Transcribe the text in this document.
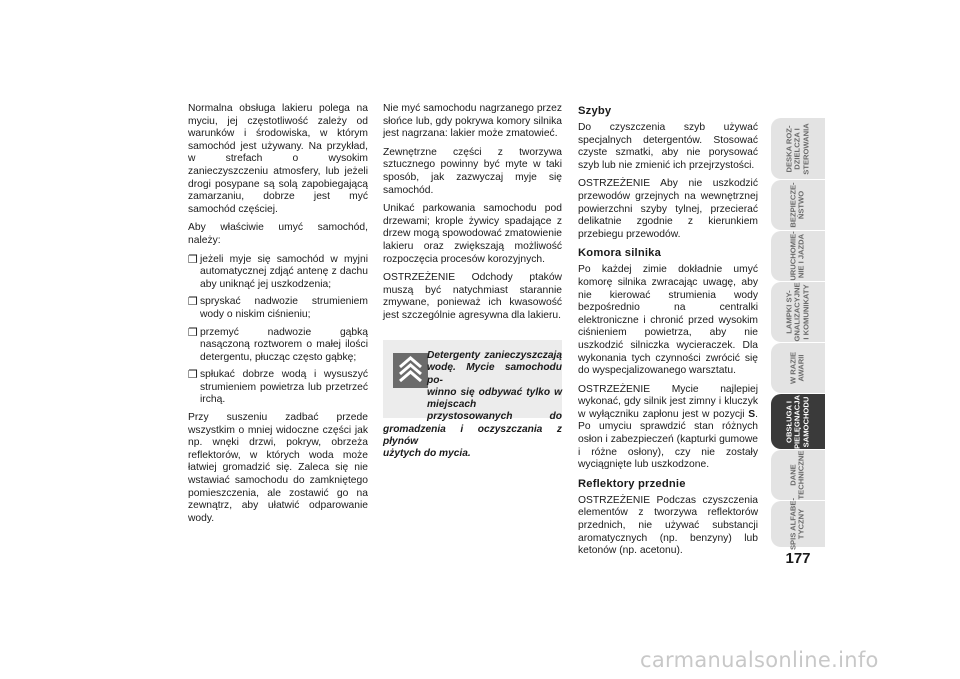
Normalna obsługa lakieru polega na myciu, jej częstotliwość zależy od warunków i środowiska, w którym samochód jest używany. Na przykład, w strefach o wysokim zanieczyszczeniu atmosfery, lub jeżeli drogi posypane są solą zapobiegającą zamarzaniu, dobrze jest myć samochód częściej.

Aby właściwie umyć samochód, należy:

❐ jeżeli myje się samochód w myjni automatycznej zdjąć antenę z dachu aby uniknąć jej uszkodzenia;
❐ spryskać nadwozie strumieniem wody o niskim ciśnieniu;
❐ przemyć nadwozie gąbką nasączoną roztworem o małej ilości detergentu, płucząc często gąbkę;
❐ spłukać dobrze wodą i wysuszyć strumieniem powietrza lub przetrzeć irchą.

Przy suszeniu zadbać przede wszystkim o mniej widoczne części jak np. wnęki drzwi, pokryw, obrzeża reflektorów, w których woda może łatwiej gromadzić się. Zaleca się nie wstawiać samochodu do zamkniętego pomieszczenia, ale zostawić go na zewnątrz, aby ułatwić odparowanie wody.

Nie myć samochodu nagrzanego przez słońce lub, gdy pokrywa komory silnika jest nagrzana: lakier może zmatowieć.

Zewnętrzne części z tworzywa sztucznego powinny być myte w taki sposób, jak zazwyczaj myje się samochód.

Unikać parkowania samochodu pod drzewami; krople żywicy spadające z drzew mogą spowodować zmatowienie lakieru oraz zwiększają możliwość rozpoczęcia procesów korozyjnych.

OSTRZEŻENIE Odchody ptaków muszą być natychmiast starannie zmywane, ponieważ ich kwasowość jest szczególnie agresywna dla lakieru.

Detergenty zanieczyszczają
wodę. Mycie samochodu po-
winno się odbywać tylko w
miejscach przystosowanych do
gromadzenia i oczyszczania z płynów
użytych do mycia.
Szyby

Do czyszczenia szyb używać specjalnych detergentów. Stosować czyste szmatki, aby nie porysować szyb lub nie zmienić ich przejrzystości.

OSTRZEŻENIE Aby nie uszkodzić przewodów grzejnych na wewnętrznej powierzchni szyby tylnej, przecierać delikatnie zgodnie z kierunkiem przebiegu przewodów.

Komora silnika

Po każdej zimie dokładnie umyć komorę silnika zwracając uwagę, aby nie kierować strumienia wody bezpośrednio na centralki elektroniczne i chronić przed wysokim ciśnieniem powietrza, aby nie uszkodzić silniczka wycieraczek. Dla wykonania tych czynności zwrócić się do wyspecjalizowanego warsztatu.

OSTRZEŻENIE Mycie najlepiej wykonać, gdy silnik jest zimny i kluczyk w wyłączniku zapłonu jest w pozycji S. Po umyciu sprawdzić stan różnych osłon i zabezpieczeń (kapturki gumowe i różne osłony), czy nie zostały wyciągnięte lub uszkodzone.

Reflektory przednie

OSTRZEŻENIE Podczas czyszczenia elementów z tworzywa reflektorów przednich, nie używać substancji aromatycznych (np. benzyny) lub ketonów (np. acetonu).

DESKA ROZ-
DZIELCZA I
STEROWANIA
BEZPIECZE-
ŃSTWO
URUCHOMIE-
NIE I JAZDA
LAMPKI SY-
GNALIZACYJNE
I KOMUNIKATY
W RAZIE
AWARII
OBSŁUGA I
PIELĘGNACJA
SAMOCHODU
DANE
TECHNICZNE
SPIS ALFABE-
TYCZNY
177
carmanualsonline.info
